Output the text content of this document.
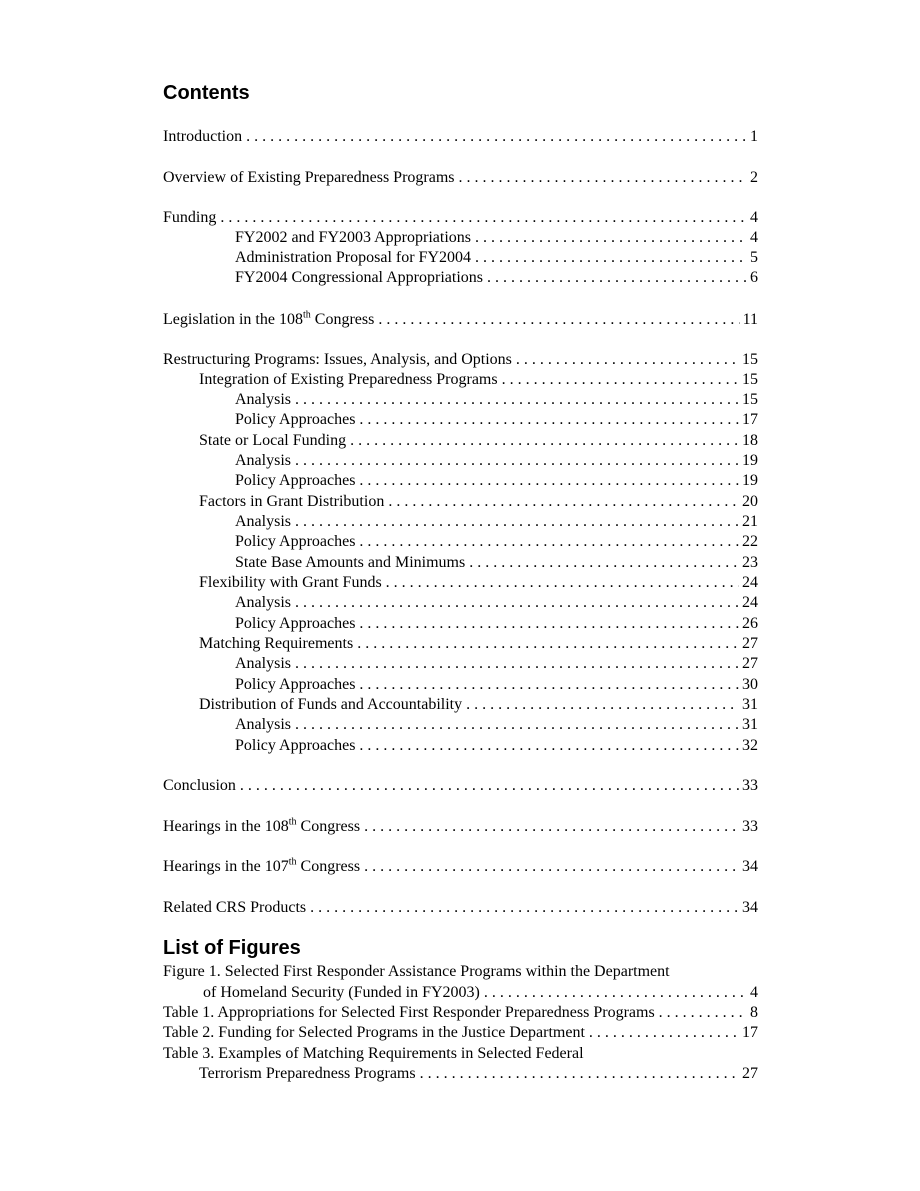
Contents
Introduction . . .	1
Overview of Existing Preparedness Programs . . .	2
Funding . . .	4
FY2002 and FY2003 Appropriations . . .	4
Administration Proposal for FY2004 . . .	5
FY2004 Congressional Appropriations . . .	6
Legislation in the 108th Congress . . .	11
Restructuring Programs: Issues, Analysis, and Options . . .	15
Integration of Existing Preparedness Programs . . .	15
Analysis . . .	15
Policy Approaches . . .	17
State or Local Funding . . .	18
Analysis . . .	19
Policy Approaches . . .	19
Factors in Grant Distribution . . .	20
Analysis . . .	21
Policy Approaches . . .	22
State Base Amounts and Minimums . . .	23
Flexibility with Grant Funds . . .	24
Analysis . . .	24
Policy Approaches . . .	26
Matching Requirements . . .	27
Analysis . . .	27
Policy Approaches . . .	30
Distribution of Funds and Accountability . . .	31
Analysis . . .	31
Policy Approaches . . .	32
Conclusion . . .	33
Hearings in the 108th Congress . . .	33
Hearings in the 107th Congress . . .	34
Related CRS Products . . .	34
List of Figures
Figure 1. Selected First Responder Assistance Programs within the Department
of Homeland Security (Funded in FY2003) . . .	4
Table 1. Appropriations for Selected First Responder Preparedness Programs . . .	8
Table 2. Funding for Selected Programs in the Justice Department . . .	17
Table 3. Examples of Matching Requirements in Selected Federal
Terrorism Preparedness Programs . . .	27
